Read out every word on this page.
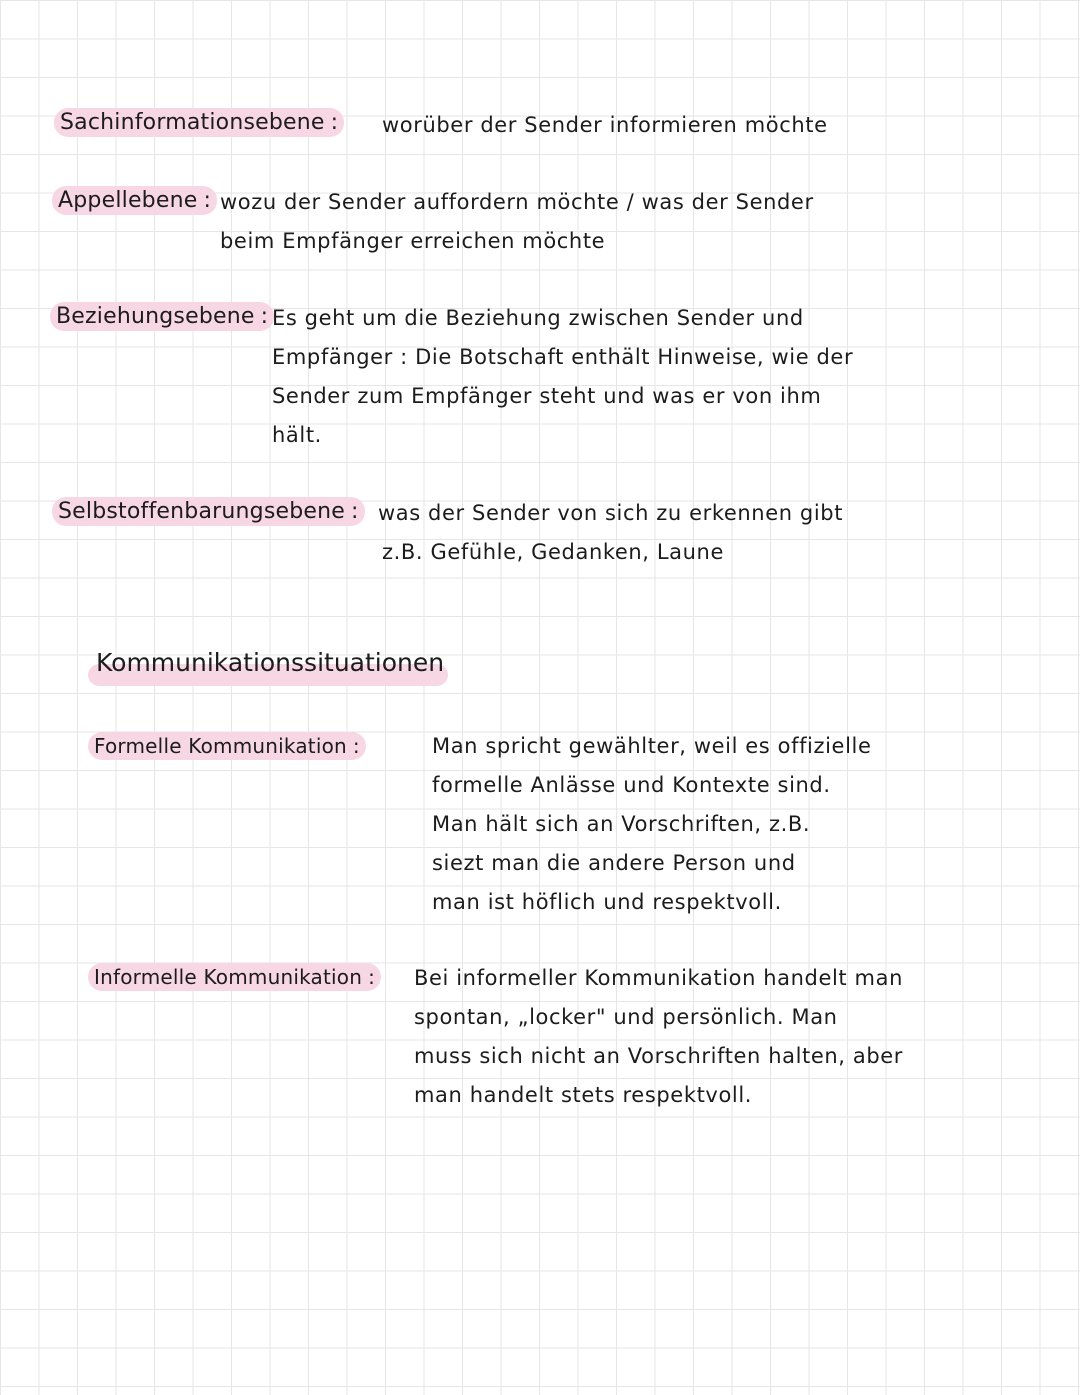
Sachinformationsebene : worüber der Sender informieren möchte
Appellebene : wozu der Sender auffordern möchte / was der Sender
beim Empfänger erreichen möchte
Beziehungsebene : Es geht um die Beziehung zwischen Sender und
Empfänger : Die Botschaft enthält Hinweise, wie der
Sender zum Empfänger steht und was er von ihm
hält.
Selbstoffenbarungsebene : was der Sender von sich zu erkennen gibt
z.B. Gefühle, Gedanken, Laune
Kommunikationssituationen
Formelle Kommunikation :	Man spricht gewählter, weil es offizielle
formelle Anlässe und Kontexte sind.
Man hält sich an Vorschriften, z.B.
siezt man die andere Person und
man ist höflich und respektvoll.
Informelle Kommunikation : Bei informeller Kommunikation handelt man
spontan, „locker" und persönlich. Man
muss sich nicht an Vorschriften halten, aber
man handelt stets respektvoll.
